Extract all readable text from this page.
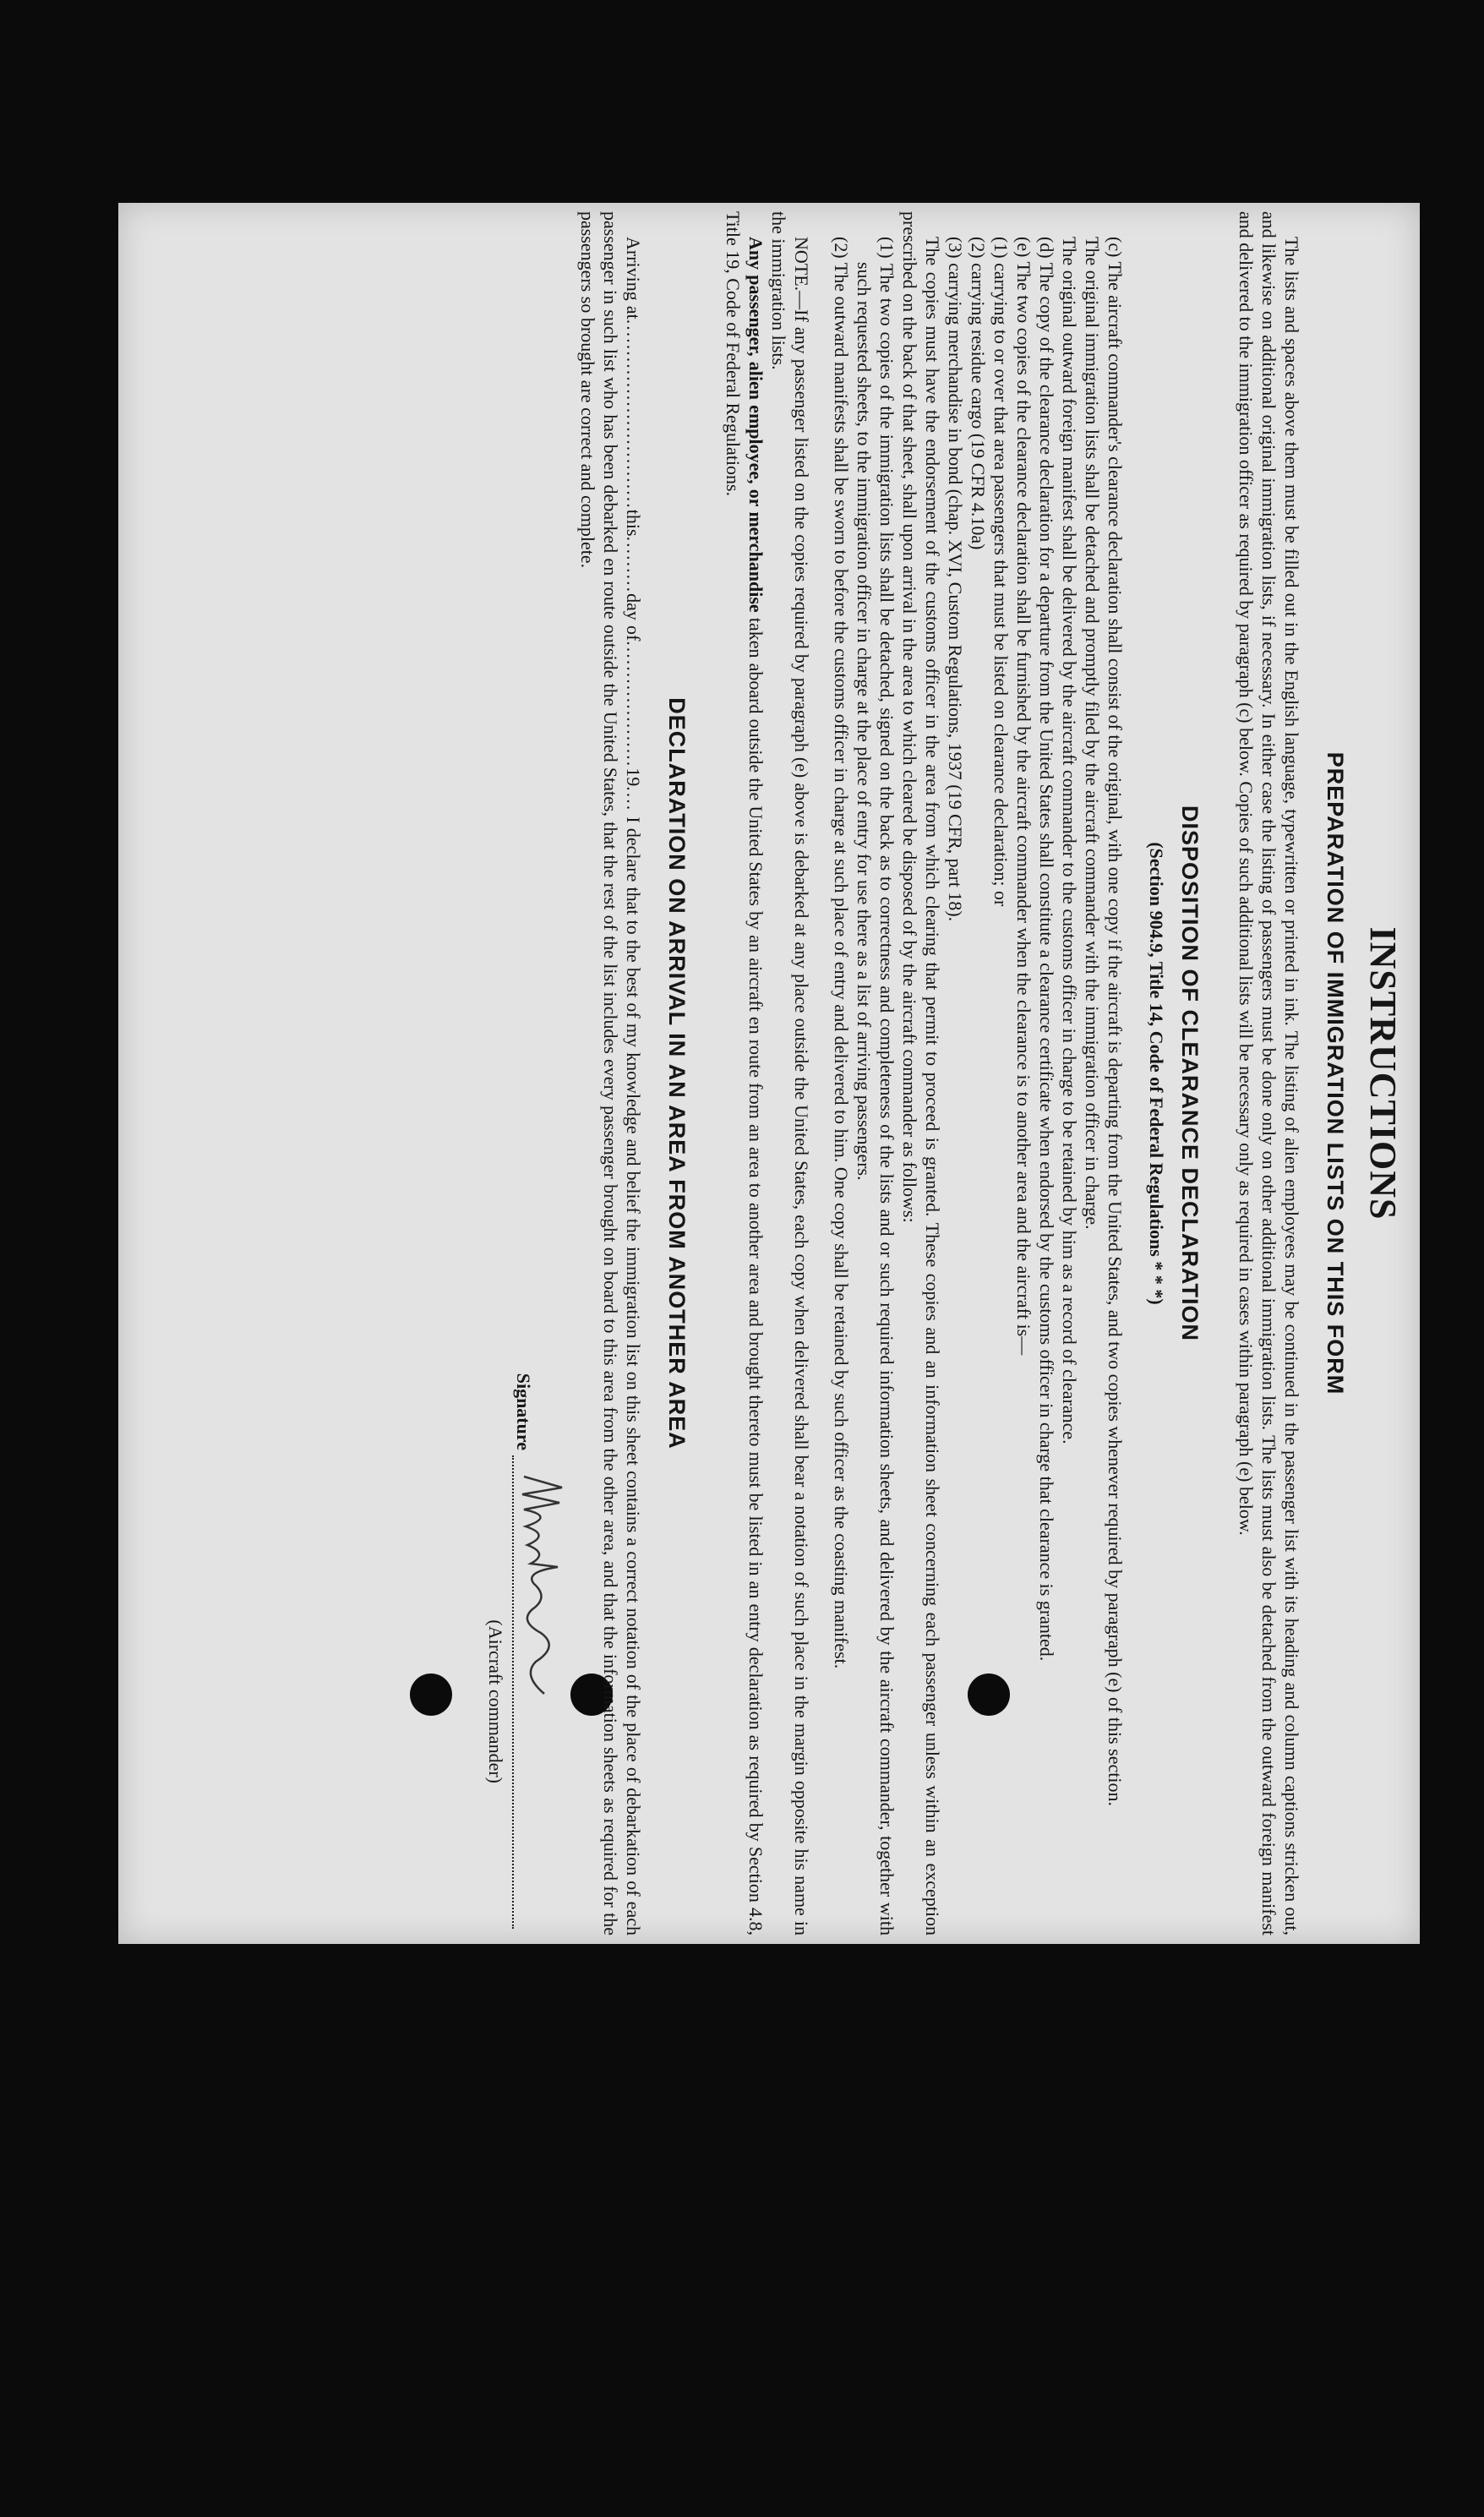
INSTRUCTIONS
PREPARATION OF IMMIGRATION LISTS ON THIS FORM

The lists and spaces above them must be filled out in the English language, typewritten or printed in ink. The listing of alien employees may be continued in the passenger list with its heading and column captions stricken out, and likewise on additional original immigration lists, if necessary. In either case the listing of passengers must be done only on other additional immigration lists. The lists must also be detached from the outward foreign manifest and delivered to the immigration officer as required by paragraph (c) below. Copies of such additional lists will be necessary only as required in cases within paragraph (e) below.

DISPOSITION OF CLEARANCE DECLARATION
(Section 904.9, Title 14, Code of Federal Regulations * * *)

(c) The aircraft commander's clearance declaration shall consist of the original, with one copy if the aircraft is departing from the United States, and two copies whenever required by paragraph (e) of this section.

The original immigration lists shall be detached and promptly filed by the aircraft commander with the immigration officer in charge.

The original outward foreign manifest shall be delivered by the aircraft commander to the customs officer in charge to be retained by him as a record of clearance.

(d) The copy of the clearance declaration for a departure from the United States shall constitute a clearance certificate when endorsed by the customs officer in charge that clearance is granted.

(e) The two copies of the clearance declaration shall be furnished by the aircraft commander when the clearance is to another area and the aircraft is—

(1) carrying to or over that area passengers that must be listed on clearance declaration; or

(2) carrying residue cargo (19 CFR 4.10a)

(3) carrying merchandise in bond (chap. XVI, Custom Regulations, 1937 (19 CFR, part 18).

The copies must have the endorsement of the customs officer in the area from which clearing that permit to proceed is granted. These copies and an information sheet concerning each passenger unless within an exception prescribed on the back of that sheet, shall upon arrival in the area to which cleared be disposed of by the aircraft commander as follows:

(1) The two copies of the immigration lists shall be detached, signed on the back as to correctness and completeness of the lists and or such required information sheets, and delivered by the aircraft commander, together with such requested sheets, to the immigration officer in charge at the place of entry for use there as a list of arriving passengers.

(2) The outward manifests shall be sworn to before the customs officer in charge at such place of entry and delivered to him. One copy shall be retained by such officer as the coasting manifest.

NOTE.—If any passenger listed on the copies required by paragraph (e) above is debarked at any place outside the United States, each copy when delivered shall bear a notation of such place in the margin opposite his name in the immigration lists.

Any passenger, alien employee, or merchandise taken aboard outside the United States by an aircraft en route from an area to another area and brought thereto must be listed in an entry declaration as required by Section 4.8, Title 19, Code of Federal Regulations.

DECLARATION ON ARRIVAL IN AN AREA FROM ANOTHER AREA

Arriving at..............................this.........day of....................19.... I declare that to the best of my knowledge and belief the immigration list on this sheet contains a correct notation of the place of debarkation of each passenger in such list who has been debarked en route outside the United States, that the rest of the list includes every passenger brought on board to this area from the other area, and that the information sheets as required for the passengers so brought are correct and complete.

Signature
(Aircraft commander)
